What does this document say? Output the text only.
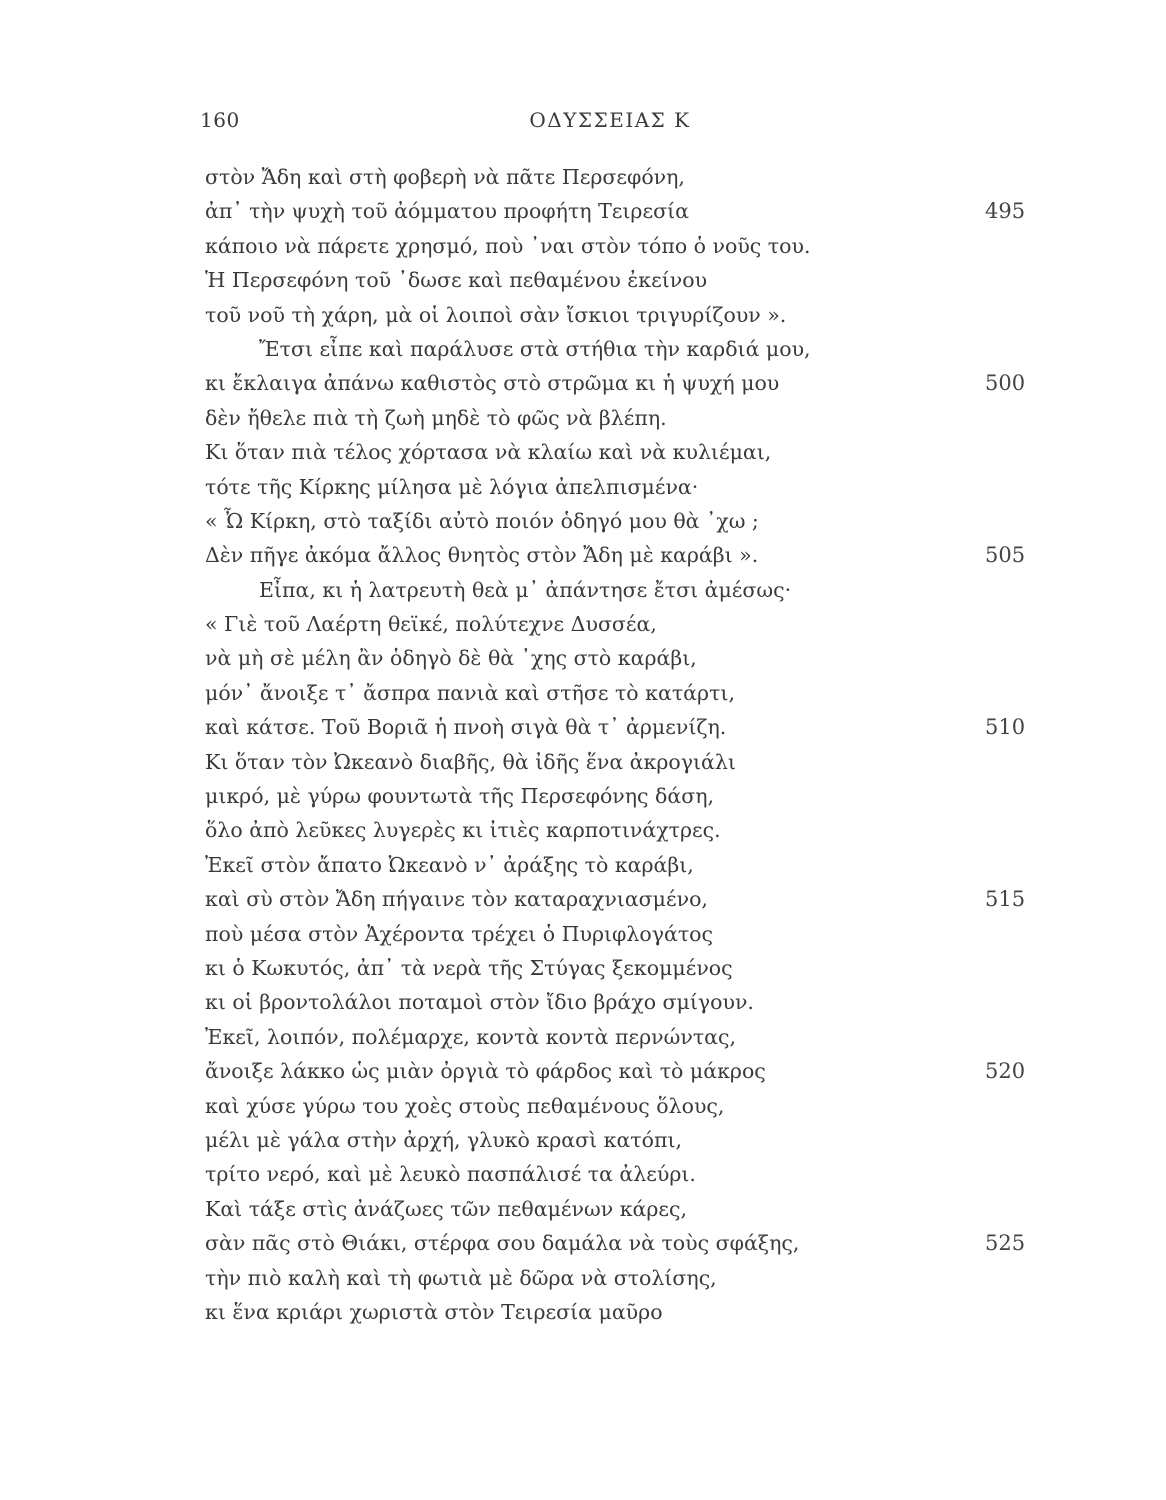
160	ΟΔΥΣΣΕΙΑΣ Κ
στὸν Ἄδη καὶ στὴ φοβερὴ νὰ πᾶτε Περσεφόνη,
ἀπ᾽ τὴν ψυχὴ τοῦ ἀόμματου προφήτη Τειρεσία	495
κάποιο νὰ πάρετε χρησμό, ποὺ ᾽ναι στὸν τόπο ὁ νοῦς του.
Ἡ Περσεφόνη τοῦ ᾽δωσε καὶ πεθαμένου ἐκείνου
τοῦ νοῦ τὴ χάρη, μὰ οἱ λοιποὶ σὰν ἴσκιοι τριγυρίζουν ».
Ἔτσι εἶπε καὶ παράλυσε στὰ στήθια τὴν καρδιά μου,
κι ἔκλαιγα ἀπάνω καθιστὸς στὸ στρῶμα κι ἡ ψυχή μου	500
δὲν ἤθελε πιὰ τὴ ζωὴ μηδὲ τὸ φῶς νὰ βλέπη.
Κι ὅταν πιὰ τέλος χόρτασα νὰ κλαίω καὶ νὰ κυλιέμαι,
τότε τῆς Κίρκης μίλησα μὲ λόγια ἀπελπισμένα·
« Ὦ Κίρκη, στὸ ταξίδι αὐτὸ ποιόν ὁδηγό μου θὰ ᾽χω ;
Δὲν πῆγε ἀκόμα ἄλλος θνητὸς στὸν Ἄδη μὲ καράβι ».	505
Εἶπα, κι ἡ λατρευτὴ θεὰ μ᾽ ἀπάντησε ἔτσι ἀμέσως·
« Γιὲ τοῦ Λαέρτη θεϊκέ, πολύτεχνε Δυσσέα,
νὰ μὴ σὲ μέλη ἂν ὁδηγὸ δὲ θὰ ᾽χης στὸ καράβι,
μόν᾽ ἄνοιξε τ᾽ ἄσπρα πανιὰ καὶ στῆσε τὸ κατάρτι,
καὶ κάτσε. Τοῦ Βοριᾶ ἡ πνοὴ σιγὰ θὰ τ᾽ ἀρμενίζη.	510
Κι ὅταν τὸν Ὠκεανὸ διαβῆς, θὰ ἰδῆς ἕνα ἀκρογιάλι
μικρό, μὲ γύρω φουντωτὰ τῆς Περσεφόνης δάση,
ὅλο ἀπὸ λεῦκες λυγερὲς κι ἰτιὲς καρποτινάχτρες.
Ἐκεῖ στὸν ἄπατο Ὠκεανὸ ν᾽ ἀράξης τὸ καράβι,
καὶ σὺ στὸν Ἄδη πήγαινε τὸν καταραχνιασμένο,	515
ποὺ μέσα στὸν Ἀχέροντα τρέχει ὁ Πυριφλογάτος
κι ὁ Κωκυτός, ἀπ᾽ τὰ νερὰ τῆς Στύγας ξεκομμένος
κι οἱ βροντολάλοι ποταμοὶ στὸν ἴδιο βράχο σμίγουν.
Ἐκεῖ, λοιπόν, πολέμαρχε, κοντὰ κοντὰ περνώντας,
ἄνοιξε λάκκο ὡς μιὰν ὀργιὰ τὸ φάρδος καὶ τὸ μάκρος	520
καὶ χύσε γύρω του χοὲς στοὺς πεθαμένους ὅλους,
μέλι μὲ γάλα στὴν ἀρχή, γλυκὸ κρασὶ κατόπι,
τρίτο νερό, καὶ μὲ λευκὸ πασπάλισέ τα ἀλεύρι.
Καὶ τάξε στὶς ἀνάζωες τῶν πεθαμένων κάρες,
σὰν πᾶς στὸ Θιάκι, στέρφα σου δαμάλα νὰ τοὺς σφάξης,	525
τὴν πιὸ καλὴ καὶ τὴ φωτιὰ μὲ δῶρα νὰ στολίσης,
κι ἕνα κριάρι χωριστὰ στὸν Τειρεσία μαῦρο
